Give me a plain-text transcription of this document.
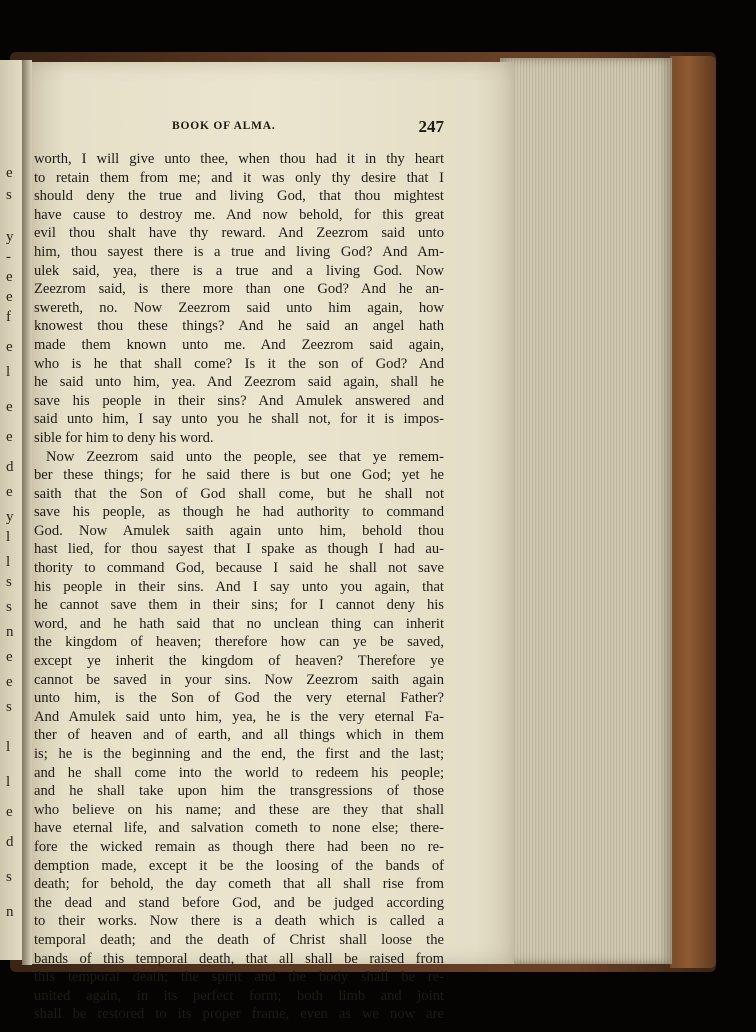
e
s
y
-
e
e
f
e
l
e
e
d
e
y
l
l
s
s
n
e
e
s
l
l
e
d
s
n
BOOK OF ALMA.	247
worth, I will give unto thee, when thou had it in thy heart
to retain them from me; and it was only thy desire that I
should deny the true and living God, that thou mightest
have cause to destroy me. And now behold, for this great
evil thou shalt have thy reward. And Zeezrom said unto
him, thou sayest there is a true and living God? And Am-
ulek said, yea, there is a true and a living God. Now
Zeezrom said, is there more than one God? And he an-
swereth, no. Now Zeezrom said unto him again, how
knowest thou these things? And he said an angel hath
made them known unto me. And Zeezrom said again,
who is he that shall come? Is it the son of God? And
he said unto him, yea. And Zeezrom said again, shall he
save his people in their sins? And Amulek answered and
said unto him, I say unto you he shall not, for it is impos-
sible for him to deny his word.
Now Zeezrom said unto the people, see that ye remem-
ber these things; for he said there is but one God; yet he
saith that the Son of God shall come, but he shall not
save his people, as though he had authority to command
God. Now Amulek saith again unto him, behold thou
hast lied, for thou sayest that I spake as though I had au-
thority to command God, because I said he shall not save
his people in their sins. And I say unto you again, that
he cannot save them in their sins; for I cannot deny his
word, and he hath said that no unclean thing can inherit
the kingdom of heaven; therefore how can ye be saved,
except ye inherit the kingdom of heaven? Therefore ye
cannot be saved in your sins. Now Zeezrom saith again
unto him, is the Son of God the very eternal Father?
And Amulek said unto him, yea, he is the very eternal Fa-
ther of heaven and of earth, and all things which in them
is; he is the beginning and the end, the first and the last;
and he shall come into the world to redeem his people;
and he shall take upon him the transgressions of those
who believe on his name; and these are they that shall
have eternal life, and salvation cometh to none else; there-
fore the wicked remain as though there had been no re-
demption made, except it be the loosing of the bands of
death; for behold, the day cometh that all shall rise from
the dead and stand before God, and be judged according
to their works. Now there is a death which is called a
temporal death; and the death of Christ shall loose the
bands of this temporal death, that all shall be raised from
this temporal death; the spirit and the body shall be re-
united again, in its perfect form; both limb and joint
shall be restored to its proper frame, even as we now are
